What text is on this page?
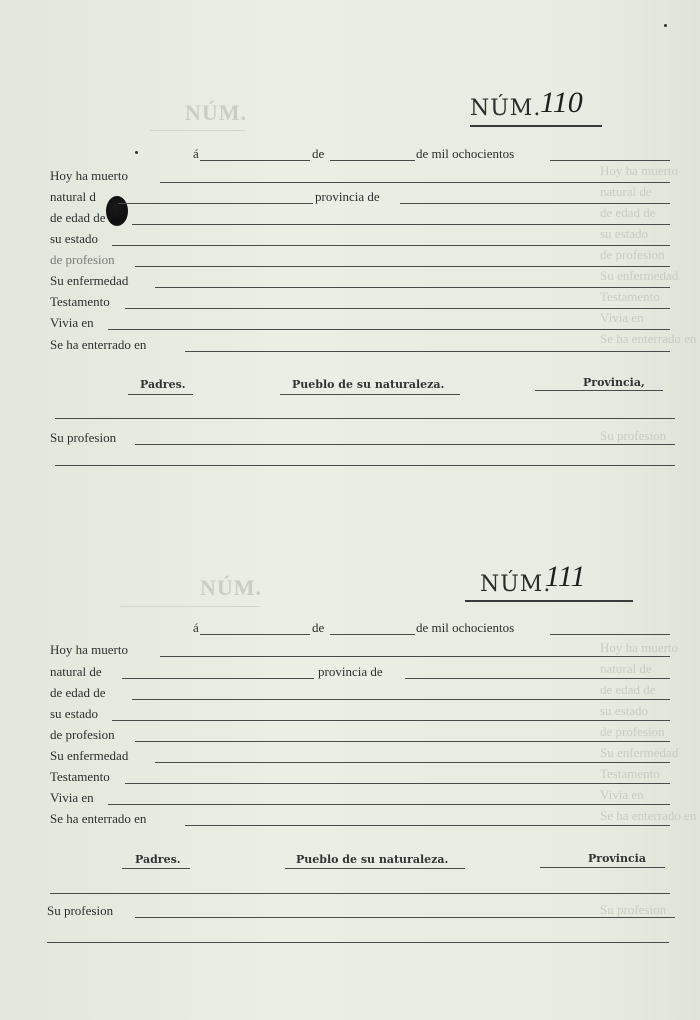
NÚM.	NÚM.
110
á	de	de mil ochocientos
Hoy ha muerto
natural d	provincia de
de edad de
su estado
de profesion
Su enfermedad
Testamento
Vivia en
Se ha enterrado en
Padres.	Pueblo de su naturaleza.	Provincia,
Su profesion
Hoy ha muerto
natural de
de edad de
su estado
de profesion
Su enfermedad
Testamento
Vivia en
Se ha enterrado en
Su profesion
NÚM.	NÚM.
111
á	de	de mil ochocientos
Hoy ha muerto
natural de	provincia de
de edad de
su estado
de profesion
Su enfermedad
Testamento
Vivia en
Se ha enterrado en
Padres.	Pueblo de su naturaleza.	Provincia
Su profesion
Hoy ha muerto
natural de
de edad de
su estado
de profesion
Su enfermedad
Testamento
Vivia en
Se ha enterrado en
Su profesion
